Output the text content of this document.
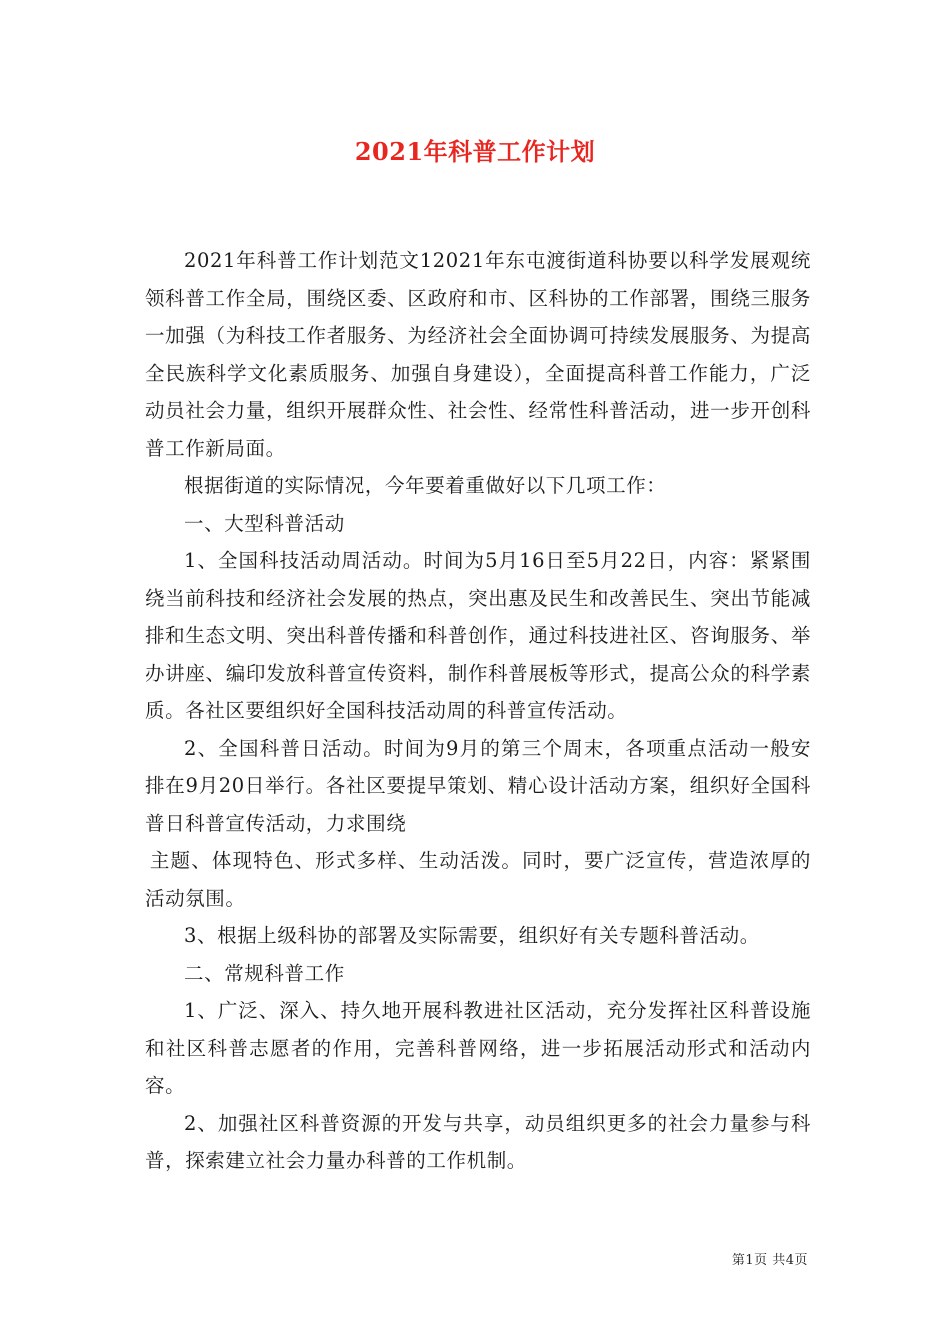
2021年科普工作计划

2021年科普工作计划范文12021年东屯渡街道科协要以科学发展观统领科普工作全局，围绕区委、区政府和市、区科协的工作部署，围绕三服务一加强（为科技工作者服务、为经济社会全面协调可持续发展服务、为提高全民族科学文化素质服务、加强自身建设），全面提高科普工作能力，广泛动员社会力量，组织开展群众性、社会性、经常性科普活动，进一步开创科普工作新局面。

根据街道的实际情况，今年要着重做好以下几项工作：

一、大型科普活动

1、全国科技活动周活动。时间为5月16日至5月22日，内容：紧紧围绕当前科技和经济社会发展的热点，突出惠及民生和改善民生、突出节能减排和生态文明、突出科普传播和科普创作，通过科技进社区、咨询服务、举办讲座、编印发放科普宣传资料，制作科普展板等形式，提高公众的科学素质。各社区要组织好全国科技活动周的科普宣传活动。

2、全国科普日活动。时间为9月的第三个周末，各项重点活动一般安排在9月20日举行。各社区要提早策划、精心设计活动方案，组织好全国科普日科普宣传活动，力求围绕

主题、体现特色、形式多样、生动活泼。同时，要广泛宣传，营造浓厚的活动氛围。

3、根据上级科协的部署及实际需要，组织好有关专题科普活动。

二、常规科普工作

1、广泛、深入、持久地开展科教进社区活动，充分发挥社区科普设施和社区科普志愿者的作用，完善科普网络，进一步拓展活动形式和活动内容。

2、加强社区科普资源的开发与共享，动员组织更多的社会力量参与科普，探索建立社会力量办科普的工作机制。

第1页 共4页
